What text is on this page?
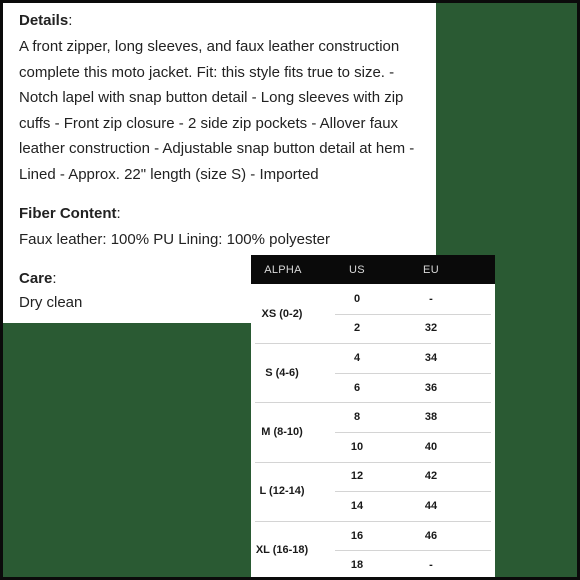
Details:
A front zipper, long sleeves, and faux leather construction complete this moto jacket. Fit: this style fits true to size. - Notch lapel with snap button detail - Long sleeves with zip cuffs - Front zip closure - 2 side zip pockets - Allover faux leather construction - Adjustable snap button detail at hem - Lined - Approx. 22" length (size S) - Imported
Fiber Content:
Faux leather: 100% PU Lining: 100% polyester
Care:
Dry clean
ALPHA	US	EU
XS (0-2)
0	-
2	32
S (4-6)
4	34
6	36
M (8-10)
8	38
10	40
L (12-14)
12	42
14	44
XL (16-18)
16	46
18	-
